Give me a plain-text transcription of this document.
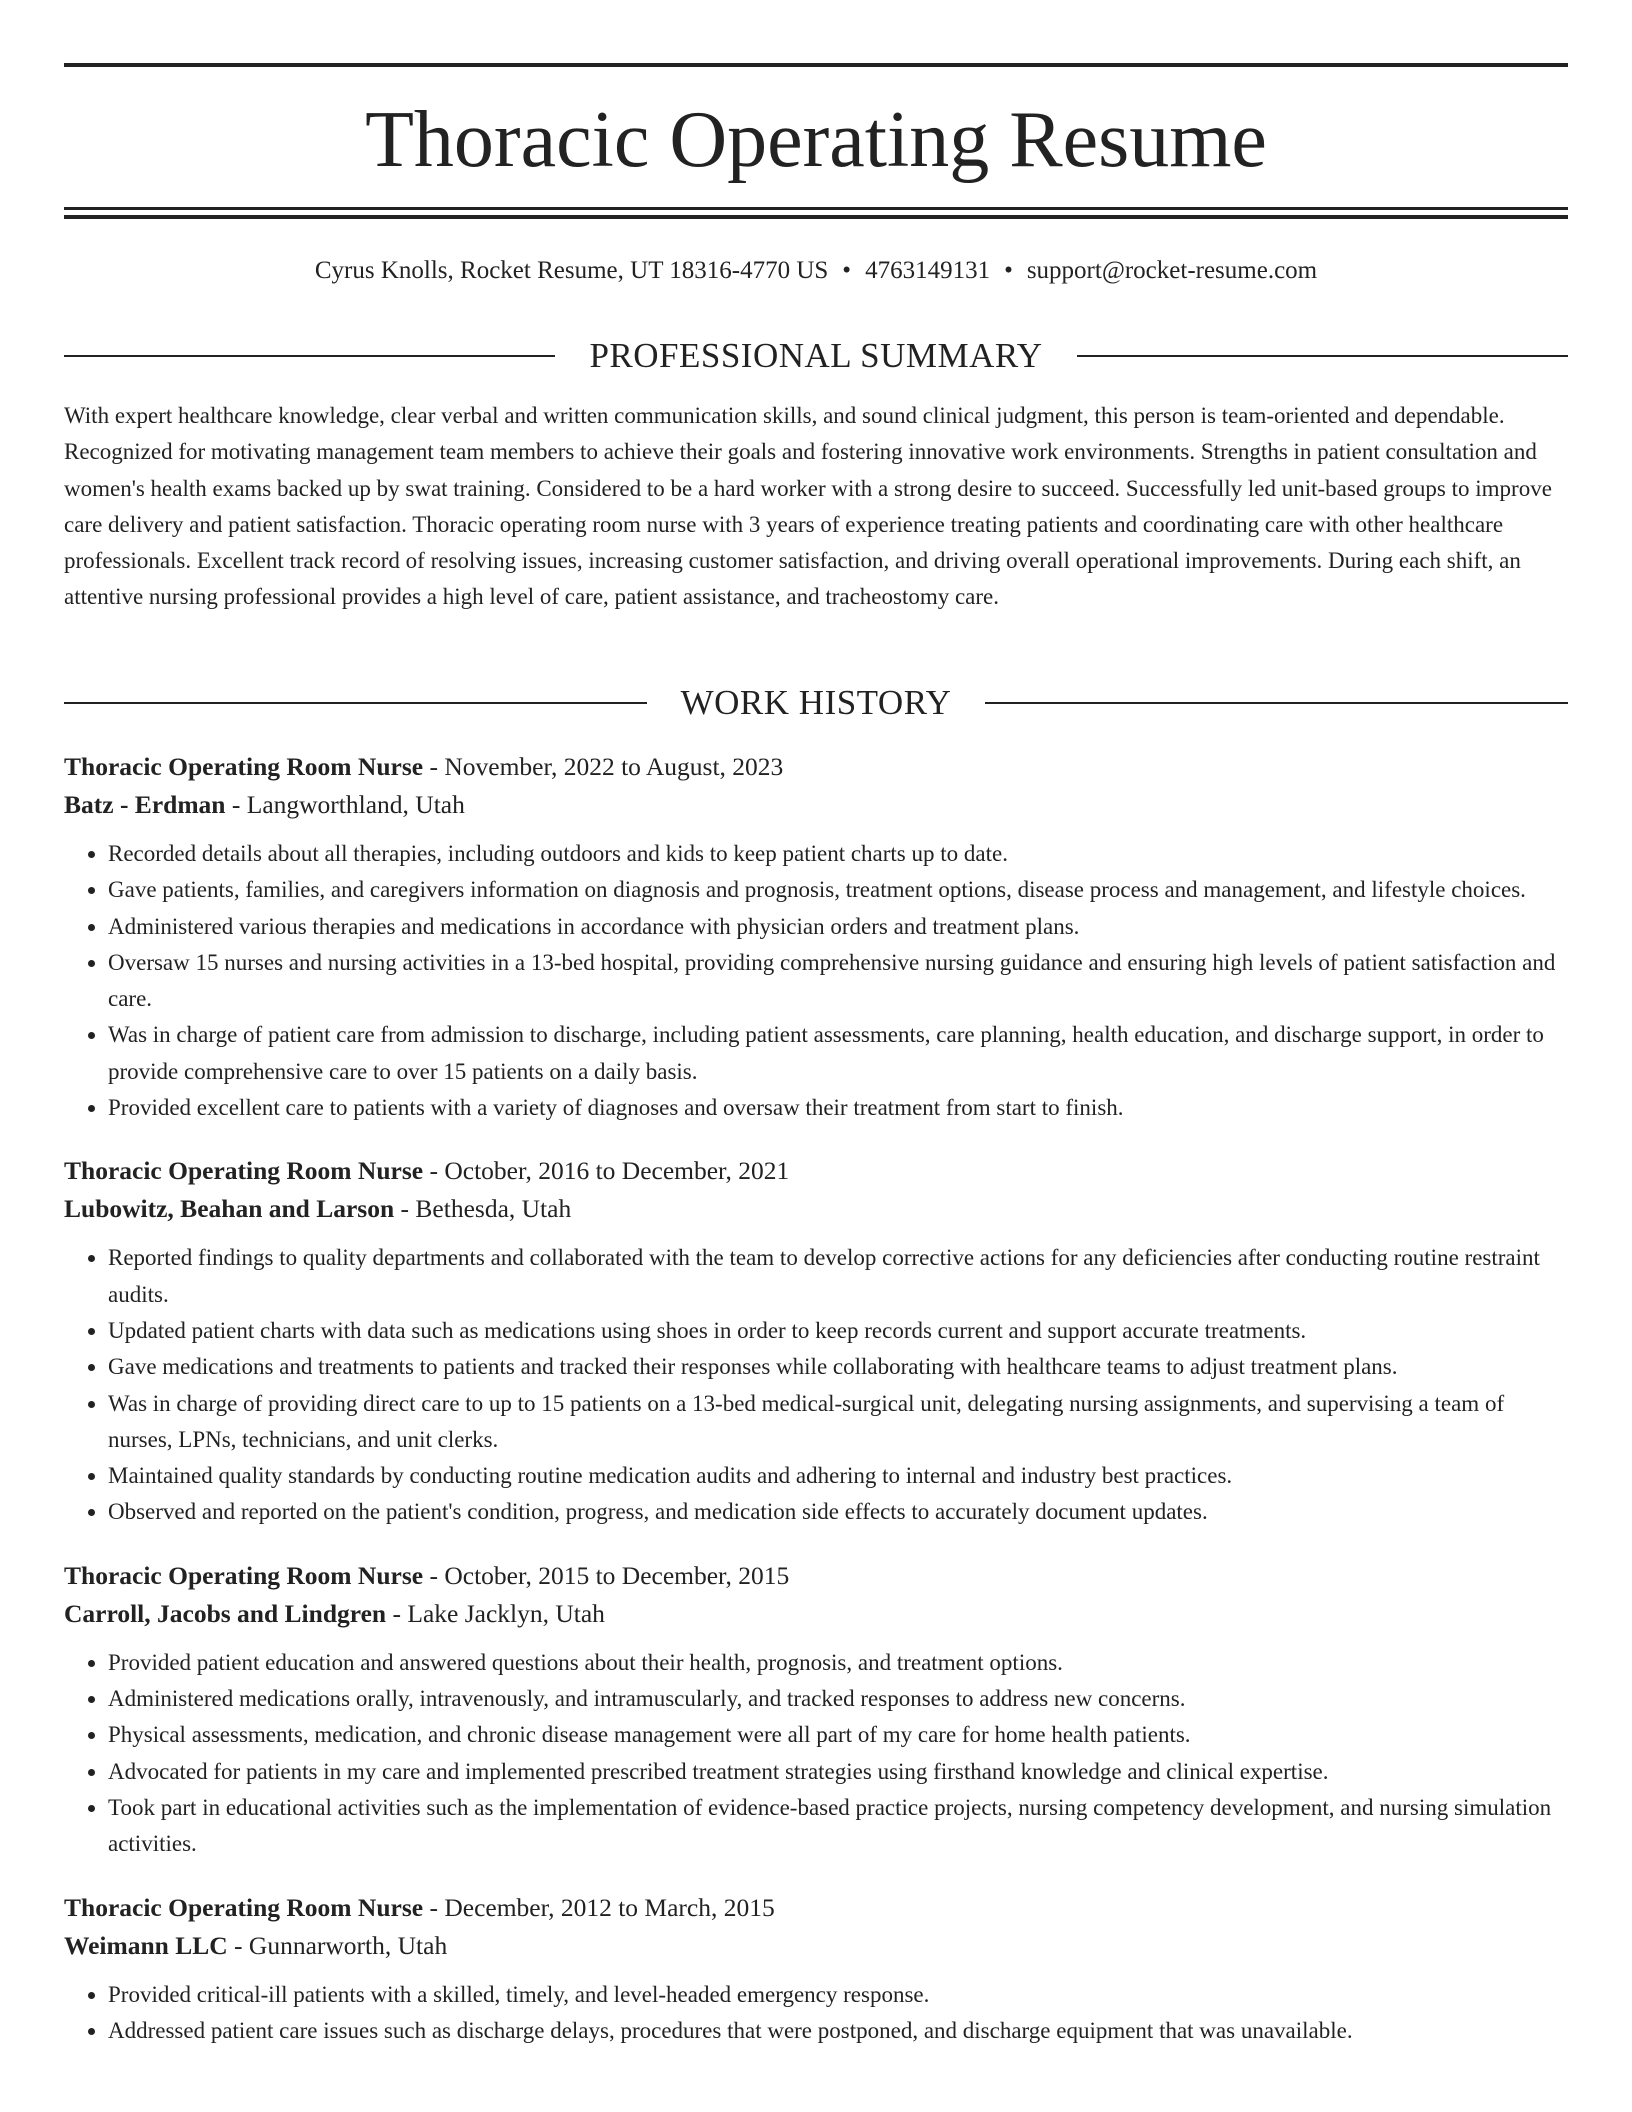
Thoracic Operating Resume
Cyrus Knolls, Rocket Resume, UT 18316-4770 US • 4763149131 • support@rocket-resume.com
PROFESSIONAL SUMMARY

With expert healthcare knowledge, clear verbal and written communication skills, and sound clinical judgment, this person is team-oriented and dependable. Recognized for motivating management team members to achieve their goals and fostering innovative work environments. Strengths in patient consultation and women's health exams backed up by swat training. Considered to be a hard worker with a strong desire to succeed. Successfully led unit-based groups to improve care delivery and patient satisfaction. Thoracic operating room nurse with 3 years of experience treating patients and coordinating care with other healthcare professionals. Excellent track record of resolving issues, increasing customer satisfaction, and driving overall operational improvements. During each shift, an attentive nursing professional provides a high level of care, patient assistance, and tracheostomy care.

WORK HISTORY
Thoracic Operating Room Nurse - November, 2022 to August, 2023
Batz - Erdman - Langworthland, Utah
• Recorded details about all therapies, including outdoors and kids to keep patient charts up to date.
• Gave patients, families, and caregivers information on diagnosis and prognosis, treatment options, disease process and management, and lifestyle choices.
• Administered various therapies and medications in accordance with physician orders and treatment plans.
• Oversaw 15 nurses and nursing activities in a 13-bed hospital, providing comprehensive nursing guidance and ensuring high levels of patient satisfaction and care.
• Was in charge of patient care from admission to discharge, including patient assessments, care planning, health education, and discharge support, in order to provide comprehensive care to over 15 patients on a daily basis.
• Provided excellent care to patients with a variety of diagnoses and oversaw their treatment from start to finish.
Thoracic Operating Room Nurse - October, 2016 to December, 2021
Lubowitz, Beahan and Larson - Bethesda, Utah
• Reported findings to quality departments and collaborated with the team to develop corrective actions for any deficiencies after conducting routine restraint audits.
• Updated patient charts with data such as medications using shoes in order to keep records current and support accurate treatments.
• Gave medications and treatments to patients and tracked their responses while collaborating with healthcare teams to adjust treatment plans.
• Was in charge of providing direct care to up to 15 patients on a 13-bed medical-surgical unit, delegating nursing assignments, and supervising a team of nurses, LPNs, technicians, and unit clerks.
• Maintained quality standards by conducting routine medication audits and adhering to internal and industry best practices.
• Observed and reported on the patient's condition, progress, and medication side effects to accurately document updates.
Thoracic Operating Room Nurse - October, 2015 to December, 2015
Carroll, Jacobs and Lindgren - Lake Jacklyn, Utah
• Provided patient education and answered questions about their health, prognosis, and treatment options.
• Administered medications orally, intravenously, and intramuscularly, and tracked responses to address new concerns.
• Physical assessments, medication, and chronic disease management were all part of my care for home health patients.
• Advocated for patients in my care and implemented prescribed treatment strategies using firsthand knowledge and clinical expertise.
• Took part in educational activities such as the implementation of evidence-based practice projects, nursing competency development, and nursing simulation activities.
Thoracic Operating Room Nurse - December, 2012 to March, 2015
Weimann LLC - Gunnarworth, Utah
• Provided critical-ill patients with a skilled, timely, and level-headed emergency response.
• Addressed patient care issues such as discharge delays, procedures that were postponed, and discharge equipment that was unavailable.
